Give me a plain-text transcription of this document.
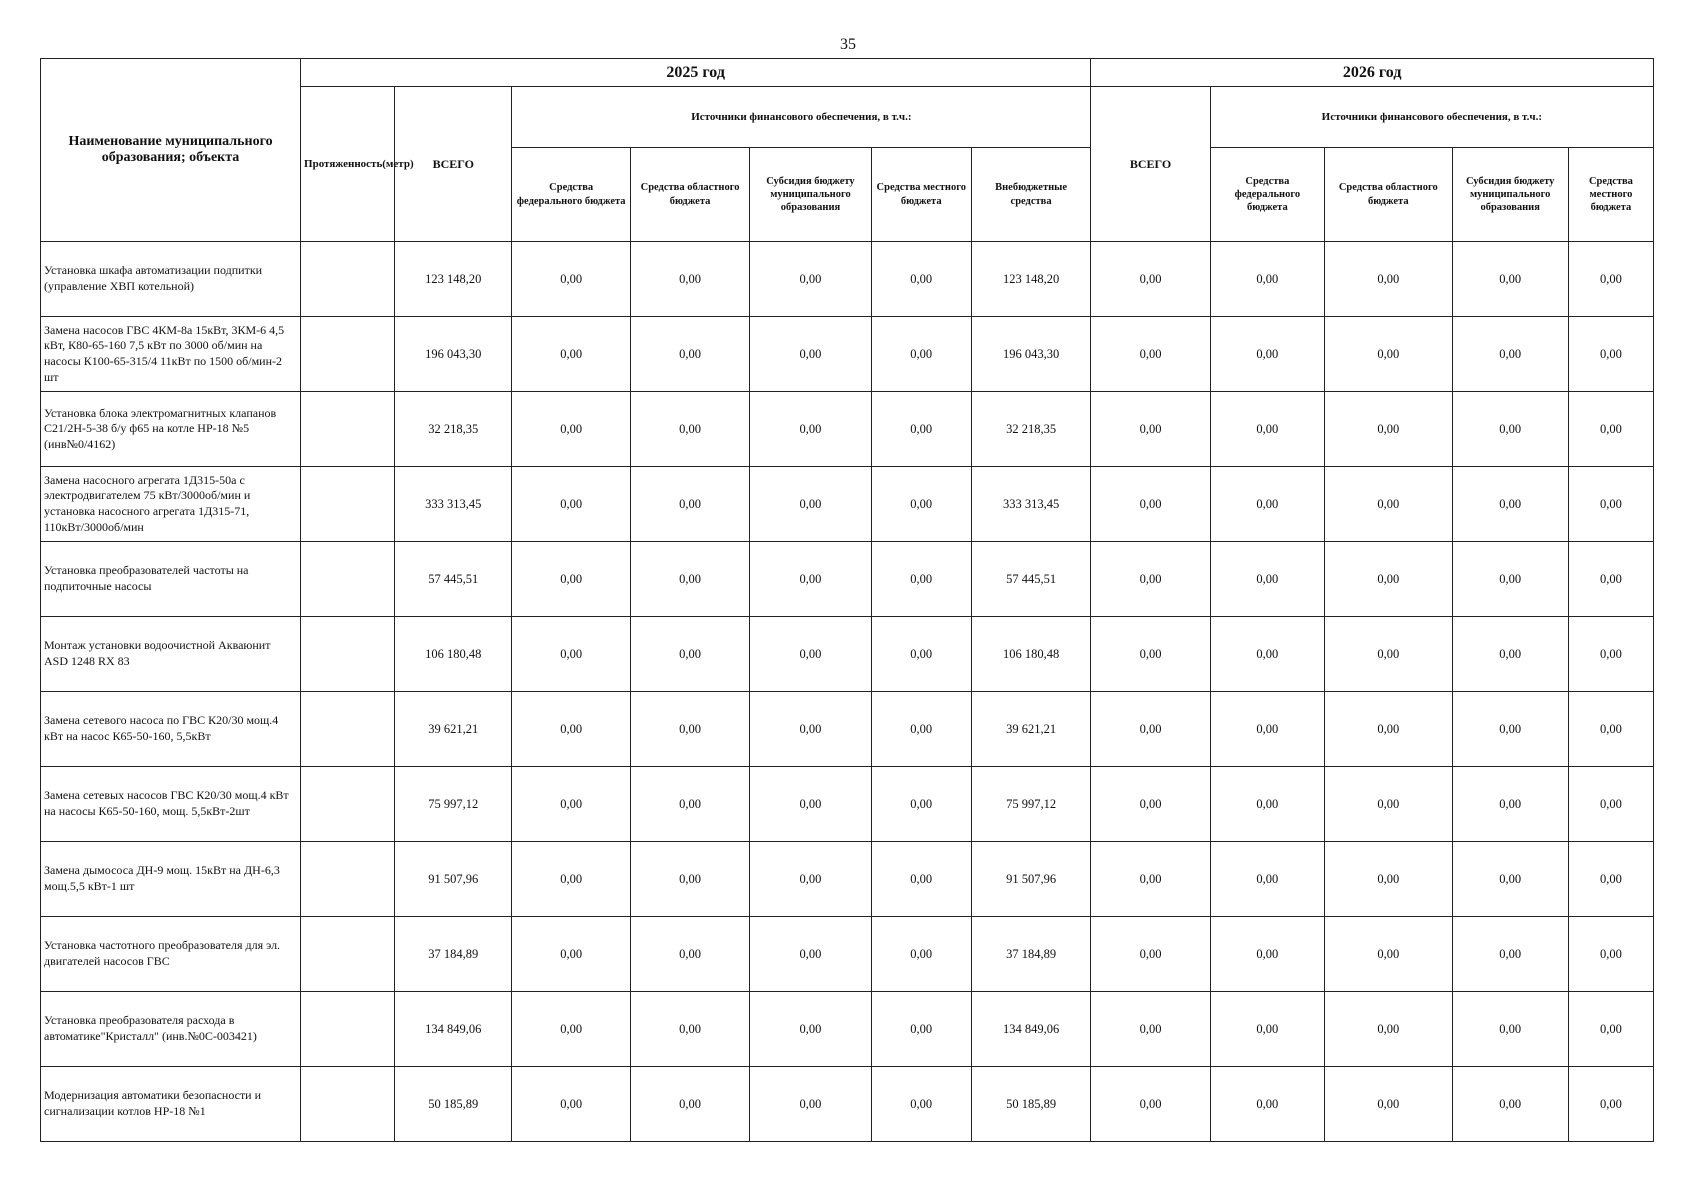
35
Наименование муниципального образования; объекта	2025 год							2026 год				
	Протяженность(метр)	ВСЕГО	Источники финансового обеспечения, в т.ч.:					ВСЕГО	Источники финансового обеспечения, в т.ч.:			
			Средства федерального бюджета	Средства областного бюджета	Субсидия бюджету муниципального образования	Средства местного бюджета	Внебюджетные средства		Средства федерального бюджета	Средства областного бюджета	Субсидия бюджету муниципального образования	Средства местного бюджета
Установка шкафа автоматизации подпитки (управление ХВП котельной)		123 148,20	0,00	0,00	0,00	0,00	123 148,20	0,00	0,00	0,00	0,00	0,00
Замена насосов ГВС 4КМ-8а 15кВт, 3КМ-6 4,5 кВт, К80-65-160 7,5 кВт по 3000 об/мин на насосы К100-65-315/4 11кВт по 1500 об/мин-2 шт		196 043,30	0,00	0,00	0,00	0,00	196 043,30	0,00	0,00	0,00	0,00	0,00
Установка блока электромагнитных клапанов С21/2Н-5-38 б/у ф65 на котле HP-18 №5 (инв№0/4162)		32 218,35	0,00	0,00	0,00	0,00	32 218,35	0,00	0,00	0,00	0,00	0,00
Замена насосного агрегата 1Д315-50а с электродвигателем 75 кВт/3000об/мин и установка насосного агрегата 1Д315-71, 110кВт/3000об/мин		333 313,45	0,00	0,00	0,00	0,00	333 313,45	0,00	0,00	0,00	0,00	0,00
Установка преобразователей частоты на подпиточные насосы		57 445,51	0,00	0,00	0,00	0,00	57 445,51	0,00	0,00	0,00	0,00	0,00
Монтаж установки водоочистной Акваюнит ASD 1248 RX 83		106 180,48	0,00	0,00	0,00	0,00	106 180,48	0,00	0,00	0,00	0,00	0,00
Замена сетевого насоса по ГВС К20/30 мощ.4 кВт на насос К65-50-160, 5,5кВт		39 621,21	0,00	0,00	0,00	0,00	39 621,21	0,00	0,00	0,00	0,00	0,00
Замена сетевых насосов ГВС К20/30 мощ.4 кВт на насосы К65-50-160, мощ. 5,5кВт-2шт		75 997,12	0,00	0,00	0,00	0,00	75 997,12	0,00	0,00	0,00	0,00	0,00
Замена дымососа ДН-9 мощ. 15кВт на ДН-6,3 мощ.5,5 кВт-1 шт		91 507,96	0,00	0,00	0,00	0,00	91 507,96	0,00	0,00	0,00	0,00	0,00
Установка частотного преобразователя для эл. двигателей насосов ГВС		37 184,89	0,00	0,00	0,00	0,00	37 184,89	0,00	0,00	0,00	0,00	0,00
Установка преобразователя расхода в автоматике"Кристалл" (инв.№0С-003421)		134 849,06	0,00	0,00	0,00	0,00	134 849,06	0,00	0,00	0,00	0,00	0,00
Модернизация автоматики безопасности и сигнализации котлов HP-18 №1		50 185,89	0,00	0,00	0,00	0,00	50 185,89	0,00	0,00	0,00	0,00	0,00
